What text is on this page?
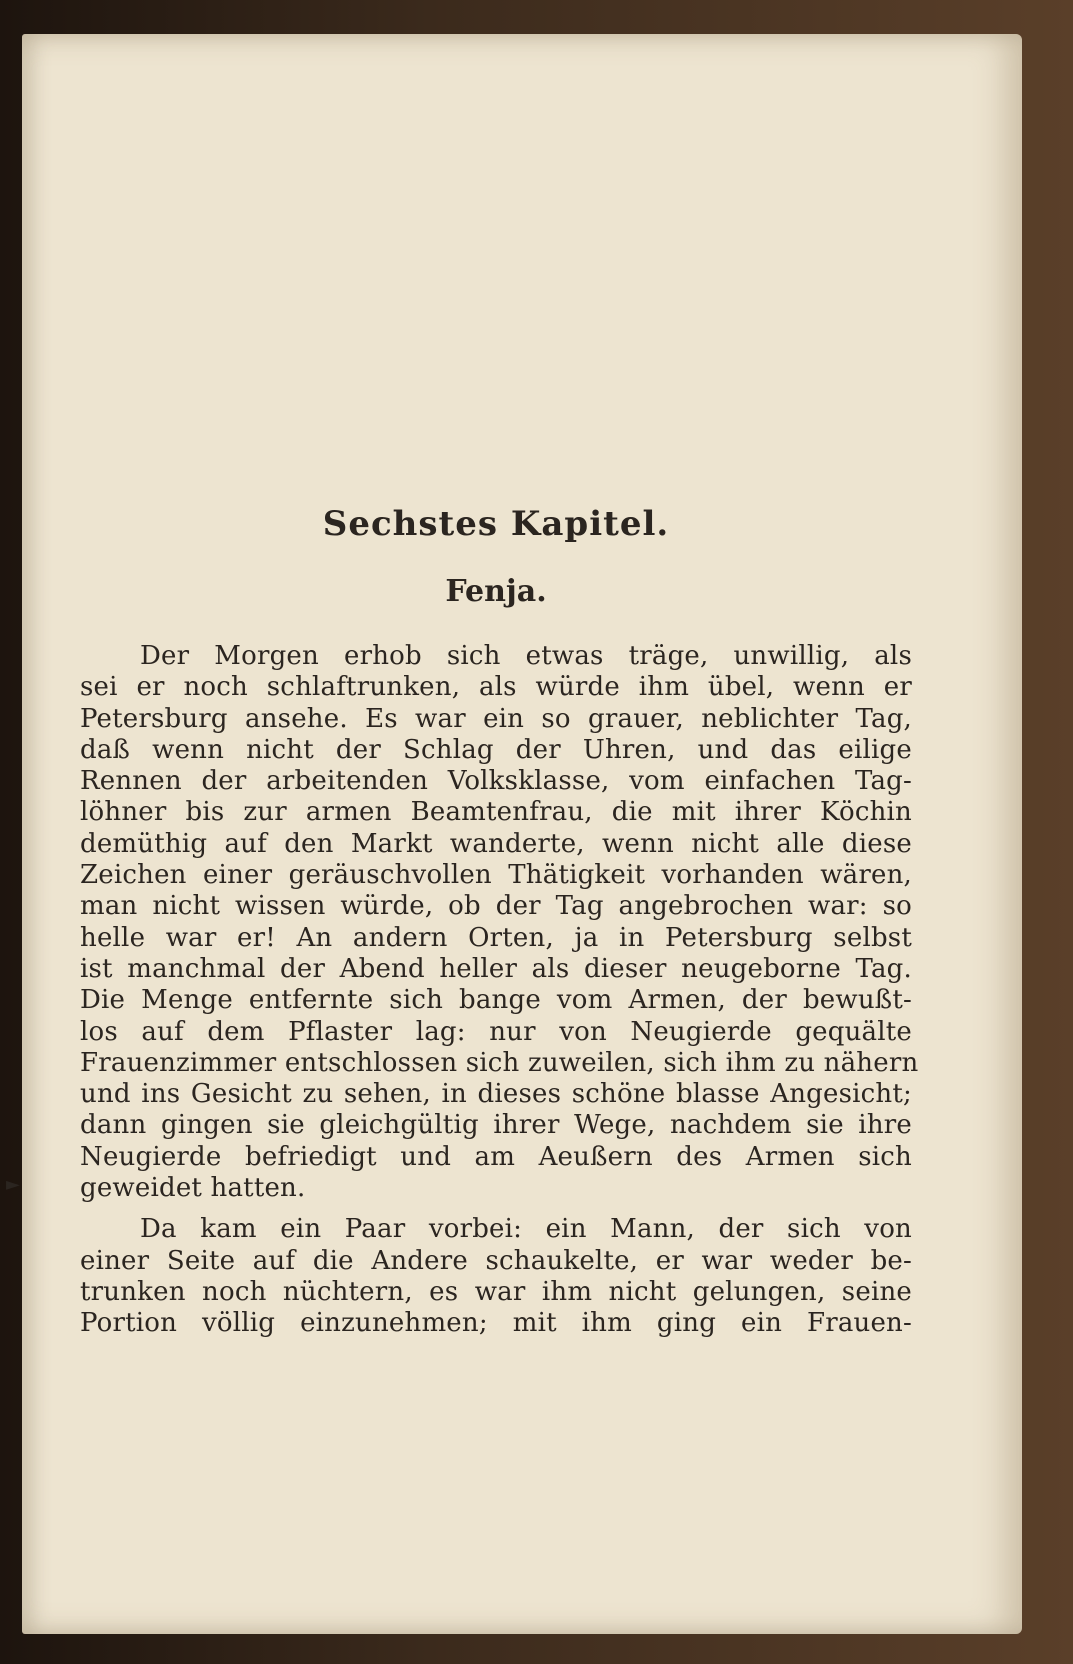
Sechstes Kapitel.
Fenja.
Der Morgen erhob sich etwas träge, unwillig, als
sei er noch schlaftrunken, als würde ihm übel, wenn er
Petersburg ansehe. Es war ein so grauer, neblichter Tag,
daß wenn nicht der Schlag der Uhren, und das eilige
Rennen der arbeitenden Volksklasse, vom einfachen Tag-
löhner bis zur armen Beamtenfrau, die mit ihrer Köchin
demüthig auf den Markt wanderte, wenn nicht alle diese
Zeichen einer geräuschvollen Thätigkeit vorhanden wären,
man nicht wissen würde, ob der Tag angebrochen war: so
helle war er! An andern Orten, ja in Petersburg selbst
ist manchmal der Abend heller als dieser neugeborne Tag.
Die Menge entfernte sich bange vom Armen, der bewußt-
los auf dem Pflaster lag: nur von Neugierde gequälte
Frauenzimmer entschlossen sich zuweilen, sich ihm zu nähern
und ins Gesicht zu sehen, in dieses schöne blasse Angesicht;
dann gingen sie gleichgültig ihrer Wege, nachdem sie ihre
Neugierde befriedigt und am Aeußern des Armen sich
geweidet hatten.
Da kam ein Paar vorbei: ein Mann, der sich von
einer Seite auf die Andere schaukelte, er war weder be-
trunken noch nüchtern, es war ihm nicht gelungen, seine
Portion völlig einzunehmen; mit ihm ging ein Frauen-
►
